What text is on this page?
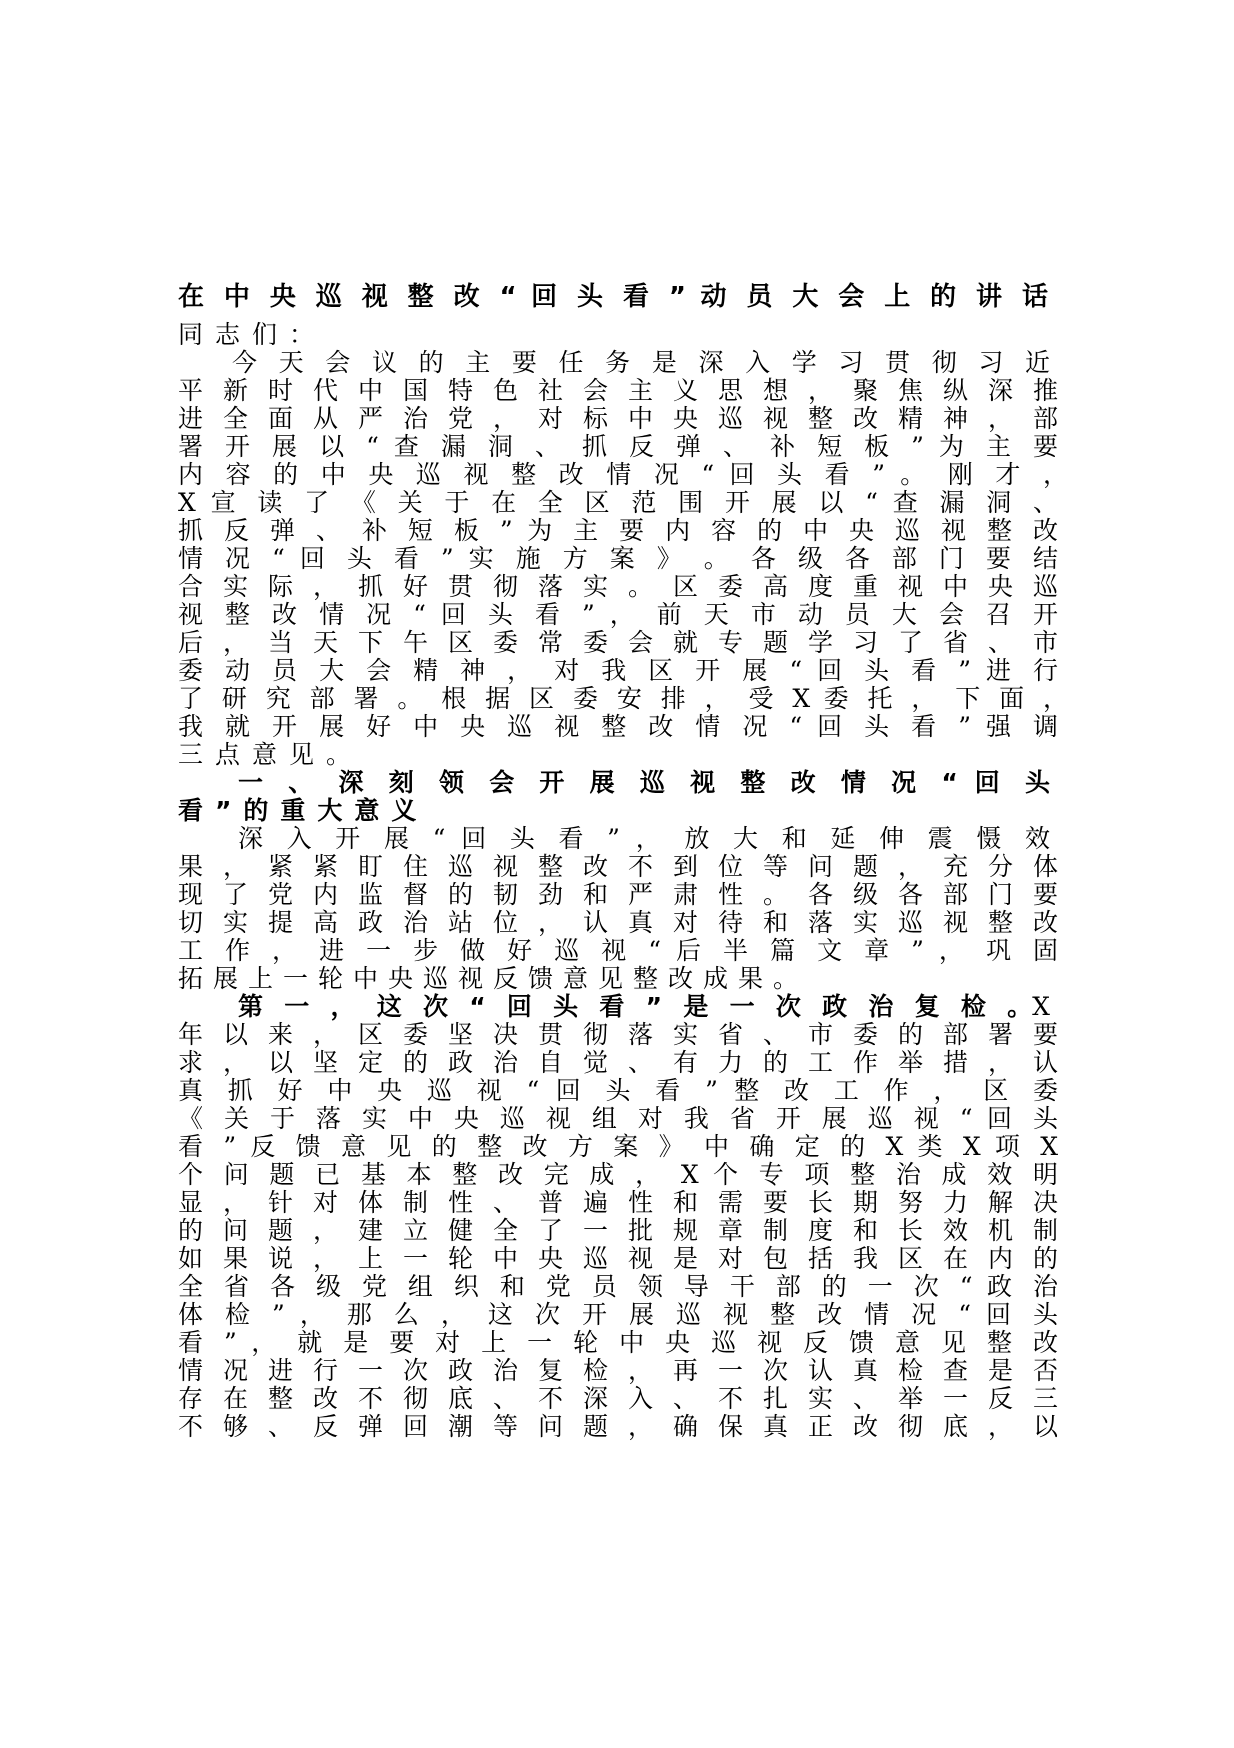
在 中 央 巡 视 整 改 “ 回 头 看 ” 动 员 大 会 上 的 讲 话
同志们：
今 天 会 议 的 主 要 任 务 是 深 入 学 习 贯 彻 习 近
平 新 时 代 中 国 特 色 社 会 主 义 思 想 ， 聚 焦 纵 深 推
进 全 面 从 严 治 党 ， 对 标 中 央 巡 视 整 改 精 神 ， 部
署 开 展 以 “ 查 漏 洞 、 抓 反 弹 、 补 短 板 ” 为 主 要
内 容 的 中 央 巡 视 整 改 情 况 “ 回 头 看 ” 。 刚 才 ，
X 宣 读 了 《 关 于 在 全 区 范 围 开 展 以 “ 查 漏 洞 、
抓 反 弹 、 补 短 板 ” 为 主 要 内 容 的 中 央 巡 视 整 改
情 况 “ 回 头 看 ” 实 施 方 案 》 。 各 级 各 部 门 要 结
合 实 际 ， 抓 好 贯 彻 落 实 。 区 委 高 度 重 视 中 央 巡
视 整 改 情 况 “ 回 头 看 ” ， 前 天 市 动 员 大 会 召 开
后 ， 当 天 下 午 区 委 常 委 会 就 专 题 学 习 了 省 、 市
委 动 员 大 会 精 神 ， 对 我 区 开 展 “ 回 头 看 ” 进 行
了 研 究 部 署 。 根 据 区 委 安 排 ， 受 X 委 托 ， 下 面 ，
我 就 开 展 好 中 央 巡 视 整 改 情 况 “ 回 头 看 ” 强 调
三点意见。
一 、 深 刻 领 会 开 展 巡 视 整 改 情 况 “ 回 头
看”的重大意义
深 入 开 展 “ 回 头 看 ” ， 放 大 和 延 伸 震 慑 效
果 ， 紧 紧 盯 住 巡 视 整 改 不 到 位 等 问 题 ， 充 分 体
现 了 党 内 监 督 的 韧 劲 和 严 肃 性 。 各 级 各 部 门 要
切 实 提 高 政 治 站 位 ， 认 真 对 待 和 落 实 巡 视 整 改
工 作 ， 进 一 步 做 好 巡 视 “ 后 半 篇 文 章 ” ， 巩 固
拓展上一轮中央巡视反馈意见整改成果。
第 一 ， 这 次 “ 回 头 看 ” 是 一 次 政 治 复 检 。X
年 以 来 ， 区 委 坚 决 贯 彻 落 实 省 、 市 委 的 部 署 要
求 ， 以 坚 定 的 政 治 自 觉 、 有 力 的 工 作 举 措 ， 认
真 抓 好 中 央 巡 视 “ 回 头 看 ” 整 改 工 作 ， 区 委
《 关 于 落 实 中 央 巡 视 组 对 我 省 开 展 巡 视 “ 回 头
看 ” 反 馈 意 见 的 整 改 方 案 》 中 确 定 的 X 类 X 项 X
个 问 题 已 基 本 整 改 完 成 ， X 个 专 项 整 治 成 效 明
显 ， 针 对 体 制 性 、 普 遍 性 和 需 要 长 期 努 力 解 决
的 问 题 ， 建 立 健 全 了 一 批 规 章 制 度 和 长 效 机 制
如 果 说 ， 上 一 轮 中 央 巡 视 是 对 包 括 我 区 在 内 的
全 省 各 级 党 组 织 和 党 员 领 导 干 部 的 一 次 “ 政 治
体 检 ” ， 那 么 ， 这 次 开 展 巡 视 整 改 情 况 “ 回 头
看 ” ， 就 是 要 对 上 一 轮 中 央 巡 视 反 馈 意 见 整 改
情 况 进 行 一 次 政 治 复 检 ， 再 一 次 认 真 检 查 是 否
存 在 整 改 不 彻 底 、 不 深 入 、 不 扎 实 、 举 一 反 三
不 够 、 反 弹 回 潮 等 问 题 ， 确 保 真 正 改 彻 底 ， 以
